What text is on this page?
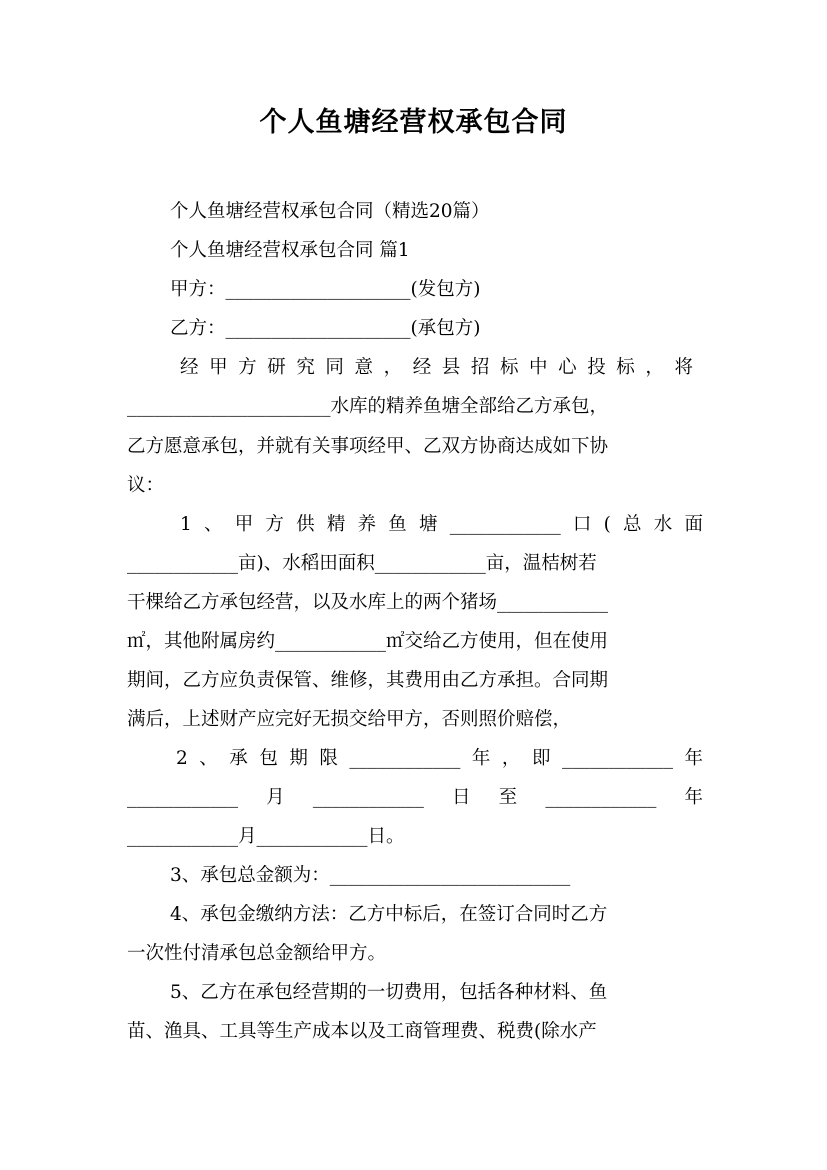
个人鱼塘经营权承包合同
个人鱼塘经营权承包合同（精选20篇）
个人鱼塘经营权承包合同 篇1
甲方：____________________(发包方)
乙方：____________________(承包方)
经甲方研究同意，经县招标中心投标，将
______________________水库的精养鱼塘全部给乙方承包，
乙方愿意承包，并就有关事项经甲、乙双方协商达成如下协
议：
1、甲方供精养鱼塘____________口(总水面
____________亩)、水稻田面积____________亩，温桔树若
干棵给乙方承包经营，以及水库上的两个猪场____________
㎡，其他附属房约____________㎡交给乙方使用，但在使用
期间，乙方应负责保管、维修，其费用由乙方承担。合同期
满后，上述财产应完好无损交给甲方，否则照价赔偿，
2、承包期限____________年，即____________年
____________月____________日至____________年
____________月____________日。
3、承包总金额为：__________________________
4、承包金缴纳方法：乙方中标后，在签订合同时乙方
一次性付清承包总金额给甲方。
5、乙方在承包经营期的一切费用，包括各种材料、鱼
苗、渔具、工具等生产成本以及工商管理费、税费(除水产
